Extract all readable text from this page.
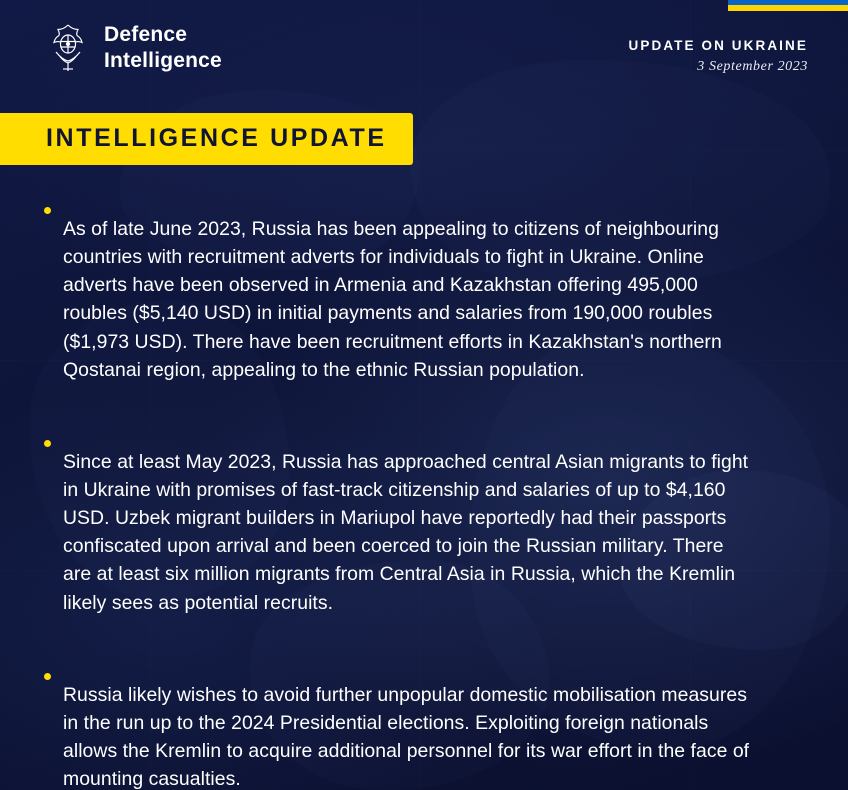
Defence
Intelligence
UPDATE ON UKRAINE
3 September 2023
INTELLIGENCE UPDATE

As of late June 2023, Russia has been appealing to citizens of neighbouring countries with recruitment adverts for individuals to fight in Ukraine. Online adverts have been observed in Armenia and Kazakhstan offering 495,000 roubles ($5,140 USD) in initial payments and salaries from 190,000 roubles ($1,973 USD). There have been recruitment efforts in Kazakhstan's northern Qostanai region, appealing to the ethnic Russian population.

Since at least May 2023, Russia has approached central Asian migrants to fight in Ukraine with promises of fast-track citizenship and salaries of up to $4,160 USD. Uzbek migrant builders in Mariupol have reportedly had their passports confiscated upon arrival and been coerced to join the Russian military. There are at least six million migrants from Central Asia in Russia, which the Kremlin likely sees as potential recruits.

Russia likely wishes to avoid further unpopular domestic mobilisation measures in the run up to the 2024 Presidential elections. Exploiting foreign nationals allows the Kremlin to acquire additional personnel for its war effort in the face of mounting casualties.
